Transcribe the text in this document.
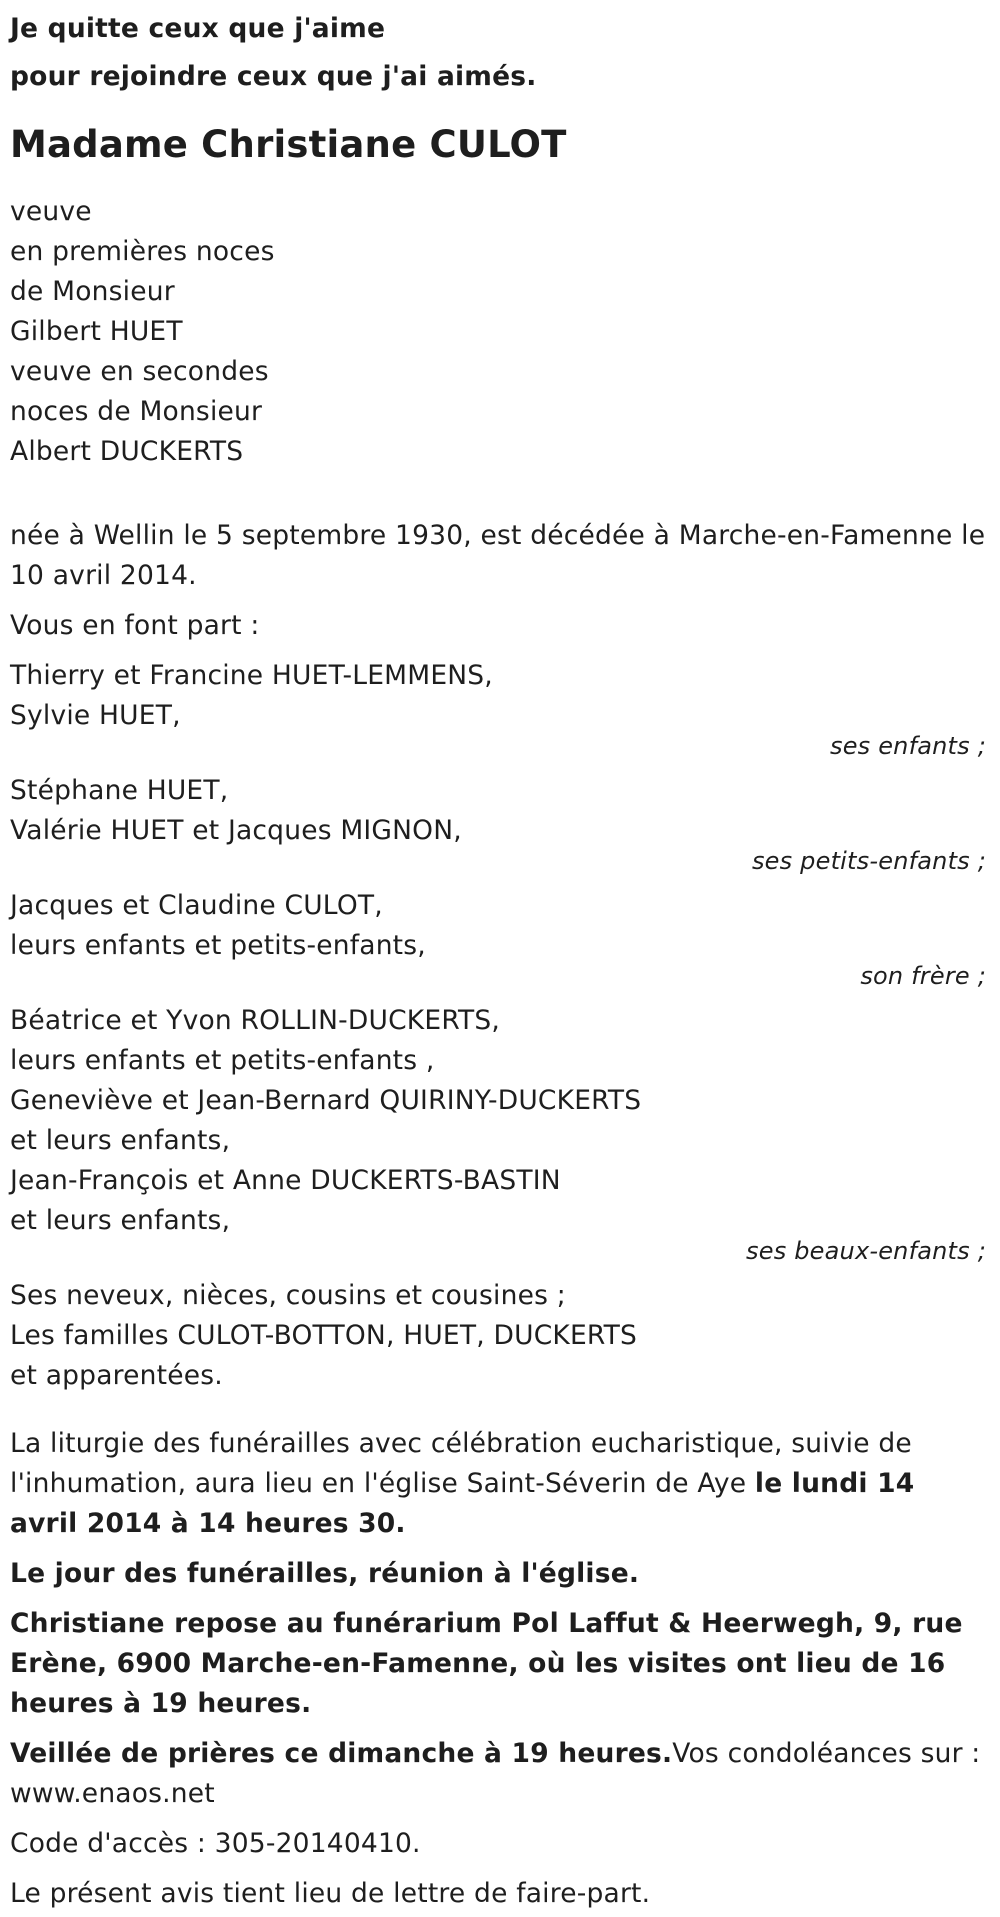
Je quitte ceux que j'aime
pour rejoindre ceux que j'ai aimés.
Madame Christiane CULOT
veuve
en premières noces
de Monsieur
Gilbert HUET
veuve en secondes
noces de Monsieur
Albert DUCKERTS
née à Wellin le 5 septembre 1930, est décédée à Marche-en-Famenne le 10 avril 2014.
Vous en font part :
Thierry et Francine HUET-LEMMENS,
Sylvie HUET,
ses enfants ;
Stéphane HUET,
Valérie HUET et Jacques MIGNON,
ses petits-enfants ;
Jacques et Claudine CULOT,
leurs enfants et petits-enfants,
son frère ;
Béatrice et Yvon ROLLIN-DUCKERTS,
leurs enfants et petits-enfants ,
Geneviève et Jean-Bernard QUIRINY-DUCKERTS
et leurs enfants,
Jean-François et Anne DUCKERTS-BASTIN
et leurs enfants,
ses beaux-enfants ;
Ses neveux, nièces, cousins et cousines ;
Les familles CULOT-BOTTON, HUET, DUCKERTS
et apparentées.
La liturgie des funérailles avec célébration eucharistique, suivie de l'inhumation, aura lieu en l'église Saint-Séverin de Aye le lundi 14 avril 2014 à 14 heures 30.
Le jour des funérailles, réunion à l'église.
Christiane repose au funérarium Pol Laffut & Heerwegh, 9, rue Erène, 6900 Marche-en-Famenne, où les visites ont lieu de 16 heures à 19 heures.
Veillée de prières ce dimanche à 19 heures.Vos condoléances sur : www.enaos.net
Code d'accès : 305-20140410.
Le présent avis tient lieu de lettre de faire-part.
